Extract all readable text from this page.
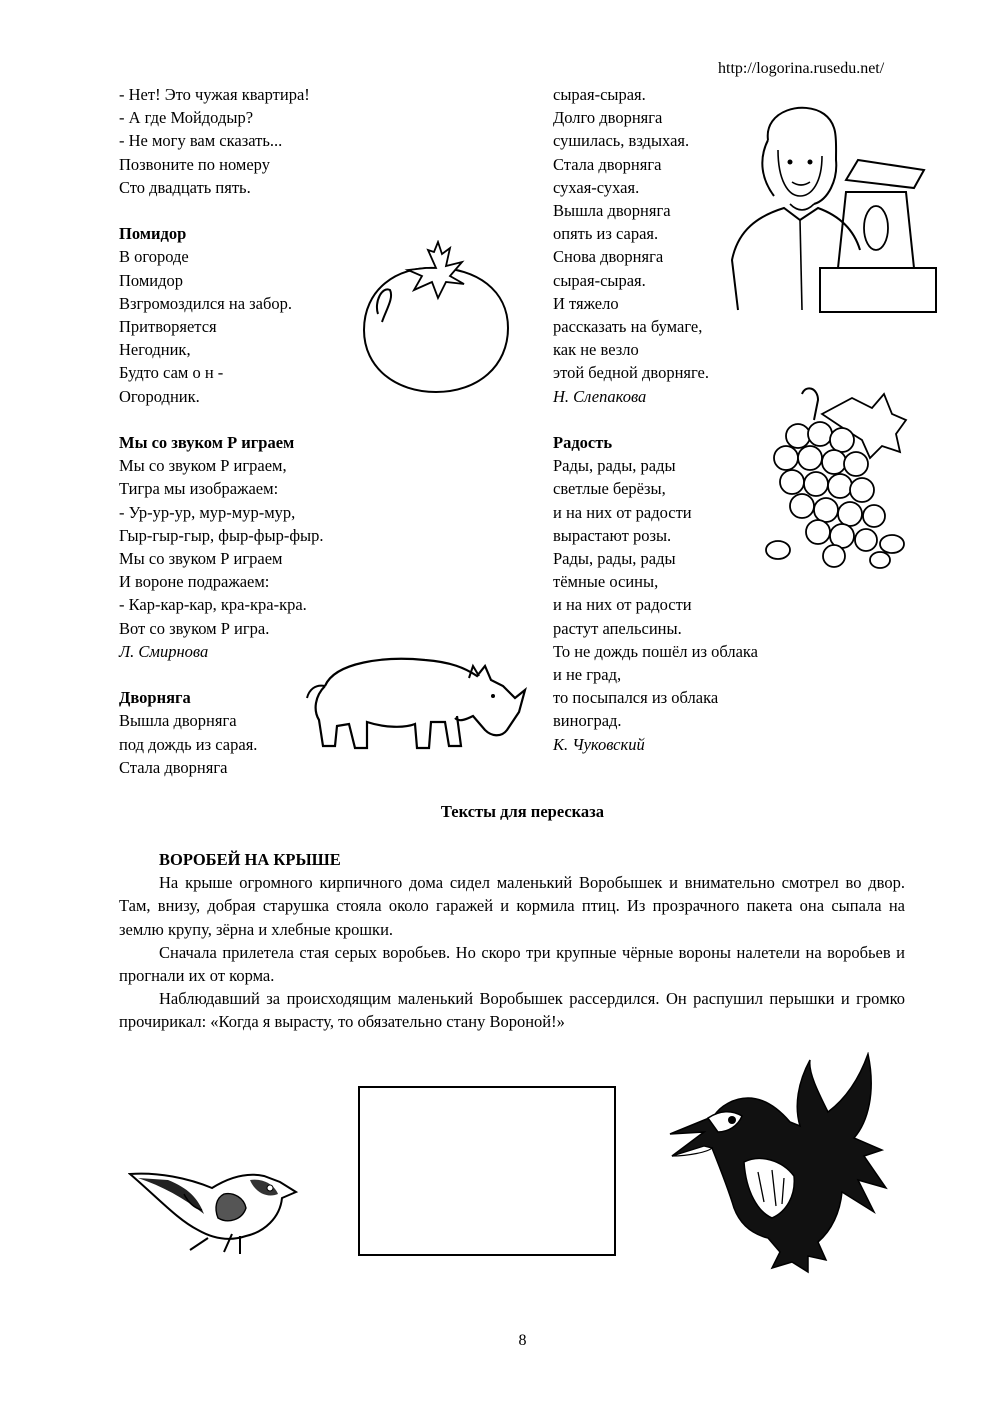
http://logorina.rusedu.net/

- Нет! Это чужая квартира!

- А где Мойдодыр?

- Не могу вам сказать...

Позвоните по номеру

Сто двадцать пять.

Помидор

В огороде

Помидор

Взгромоздился на забор.

Притворяется

Негодник,

Будто сам о н -

Огородник.

Мы со звуком Р играем

Мы со звуком Р играем,

Тигра мы изображаем:

- Ур-ур-ур, мур-мур-мур,

Гыр-гыр-гыр, фыр-фыр-фыр.

Мы со звуком Р играем

И вороне подражаем:

- Кар-кар-кар, кра-кра-кра.

Вот со звуком Р игра.

Л. Смирнова

Дворняга

Вышла дворняга

под дождь из сарая.

Стала дворняга

сырая-сырая.

Долго дворняга

сушилась, вздыхая.

Стала дворняга

сухая-сухая.

Вышла дворняга

опять из сарая.

Снова дворняга

сырая-сырая.

И тяжело

рассказать на бумаге,

как не везло

этой бедной дворняге.

Н. Слепакова

Радость

Рады, рады, рады

светлые берёзы,

и на них от радости

вырастают розы.

Рады, рады, рады

тёмные осины,

и на них от радости

растут апельсины.

То не дождь пошёл из облака

и не град,

то посыпался из облака

виноград.

К. Чуковский

Тексты для пересказа

ВОРОБЕЙ НА КРЫШЕ

На крыше огромного кирпичного дома сидел маленький Воробышек и внимательно смотрел во двор. Там, внизу, добрая старушка стояла около гаражей и кормила птиц. Из прозрачного пакета она сыпала на землю крупу, зёрна и хлебные крошки.

Сначала прилетела стая серых воробьев. Но скоро три крупные чёрные вороны налетели на воробьев и прогнали их от корма.

Наблюдавший за происходящим маленький Воробышек рассердился. Он распушил перышки и громко прочирикал: «Когда я вырасту, то обязательно стану Вороной!»

8
